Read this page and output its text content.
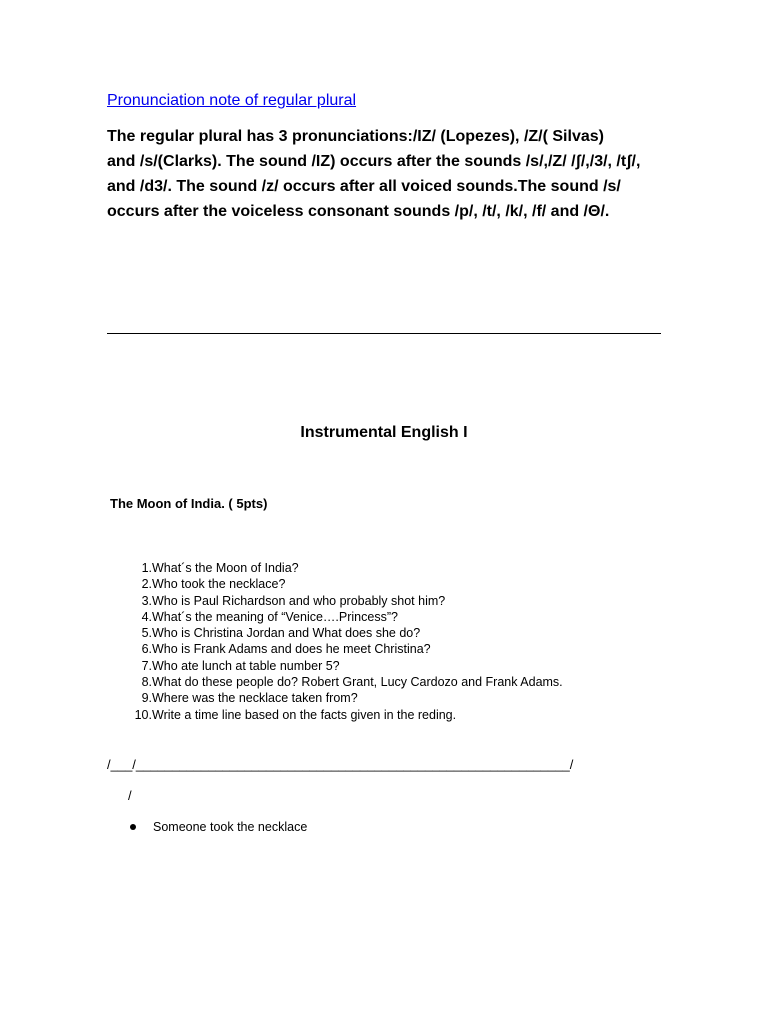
Pronunciation note of regular plural

The regular plural has 3 pronunciations:/IZ/ (Lopezes), /Z/( Silvas)
and /s/(Clarks). The sound /IZ) occurs after the sounds /s/,/Z/ /ʃ/,/3/, /tʃ/,
and /d3/. The sound /z/ occurs after all voiced sounds.The sound /s/
occurs after the voiceless consonant sounds /p/, /t/, /k/, /f/ and /Θ/.

Instrumental English I
The Moon of India. ( 5pts)
1. What´s the Moon of India?
2. Who took the necklace?
3. Who is Paul Richardson and who probably shot him?
4. What´s the meaning of “Venice….Princess”?
5. Who is Christina Jordan and What does she do?
6. Who is Frank Adams and does he meet Christina?
7. Who ate lunch at table number 5?
8. What do these people do? Robert Grant, Lucy Cardozo and Frank Adams.
9. Where was the necklace taken from?
10. Write a time line based on the facts given in the reding.

/___/____________________________________________________________/

/

Someone took the necklace
